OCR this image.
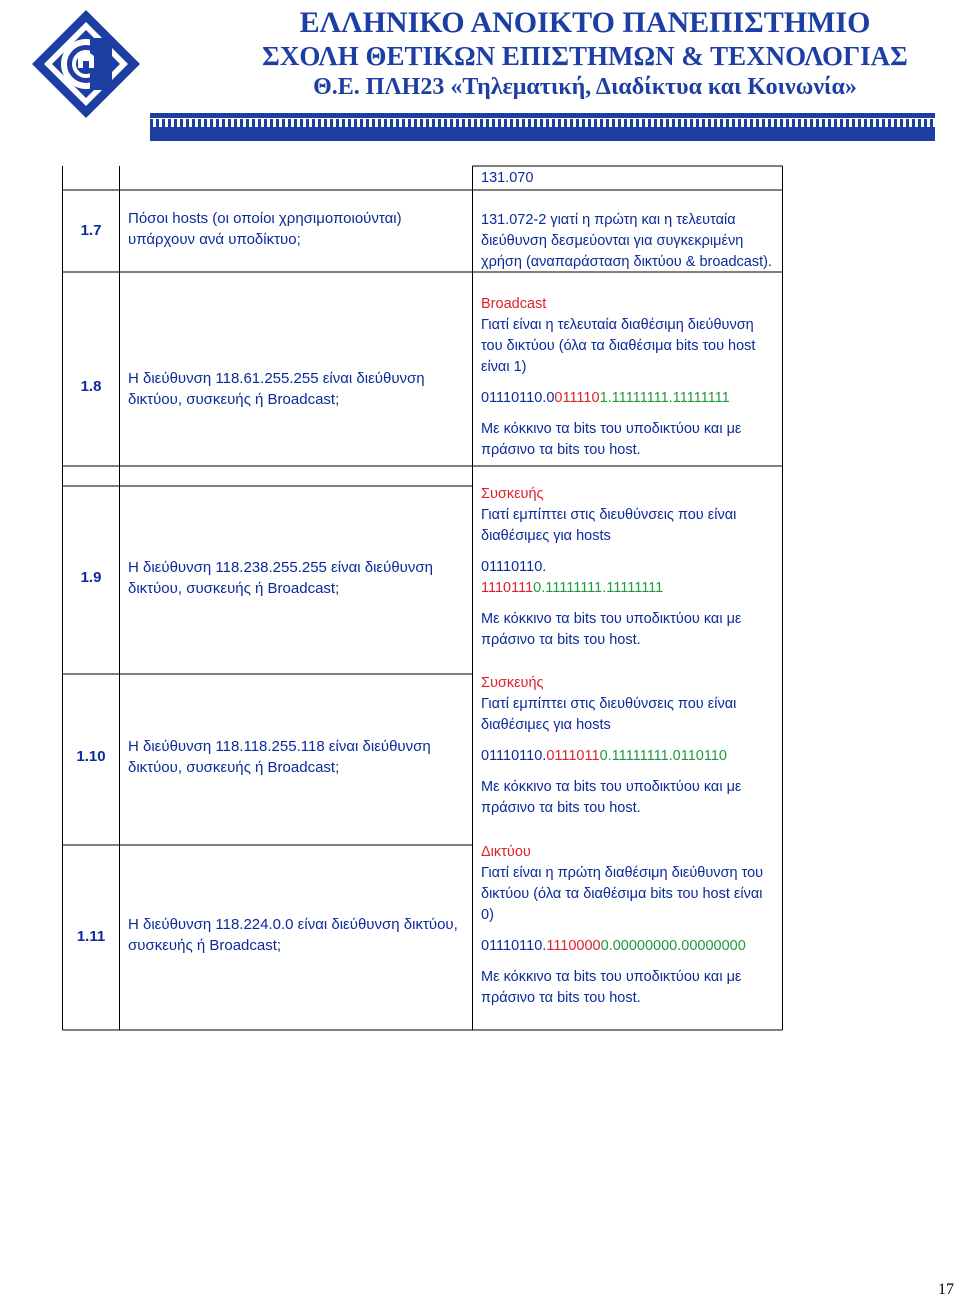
ΕΛΛΗΝΙΚΟ ΑΝΟΙΚΤΟ ΠΑΝΕΠΙΣΤΗΜΙΟ
ΣΧΟΛΗ ΘΕΤΙΚΩΝ ΕΠΙΣΤΗΜΩΝ & ΤΕΧΝΟΛΟΓΙΑΣ
Θ.Ε. ΠΛΗ23 «Τηλεματική, Διαδίκτυα και Κοινωνία»
1.7
Πόσοι hosts (οι οποίοι χρησιμοποιούνται) υπάρχουν ανά υποδίκτυο;
131.070
131.072-2 γιατί η πρώτη και η τελευταία διεύθυνση δεσμεύονται για συγκεκριμένη χρήση (αναπαράσταση δικτύου & broadcast).
1.8	Η διεύθυνση 118.61.255.255 είναι διεύθυνση δικτύου, συσκευής ή Broadcast;
Broadcast
Γιατί είναι η τελευταία διαθέσιμη διεύθυνση του δικτύου (όλα τα διαθέσιμα bits του host είναι 1)
01110110.00111101.11111111.11111111
Με κόκκινο τα bits του υποδικτύου και με πράσινο τα bits του host.
1.9
Η διεύθυνση 118.238.255.255 είναι διεύθυνση δικτύου, συσκευής ή Broadcast;
Συσκευής
Γιατί εμπίπτει στις διευθύνσεις που είναι διαθέσιμες για hosts
01110110.
11101110.11111111.11111111
Με κόκκινο τα bits του υποδικτύου και με πράσινο τα bits του host.
1.10
Η διεύθυνση 118.118.255.118 είναι διεύθυνση δικτύου, συσκευής ή Broadcast;
Συσκευής
Γιατί εμπίπτει στις διευθύνσεις που είναι διαθέσιμες για hosts
01110110.01110110.11111111.0110110
Με κόκκινο τα bits του υποδικτύου και με πράσινο τα bits του host.
1.11
Η διεύθυνση 118.224.0.0 είναι διεύθυνση δικτύου, συσκευής ή Broadcast;
Δικτύου
Γιατί είναι η πρώτη διαθέσιμη διεύθυνση του δικτύου (όλα τα διαθέσιμα bits του host είναι 0)
01110110.11100000.00000000.00000000
Με κόκκινο τα bits του υποδικτύου και με πράσινο τα bits του host.
17
